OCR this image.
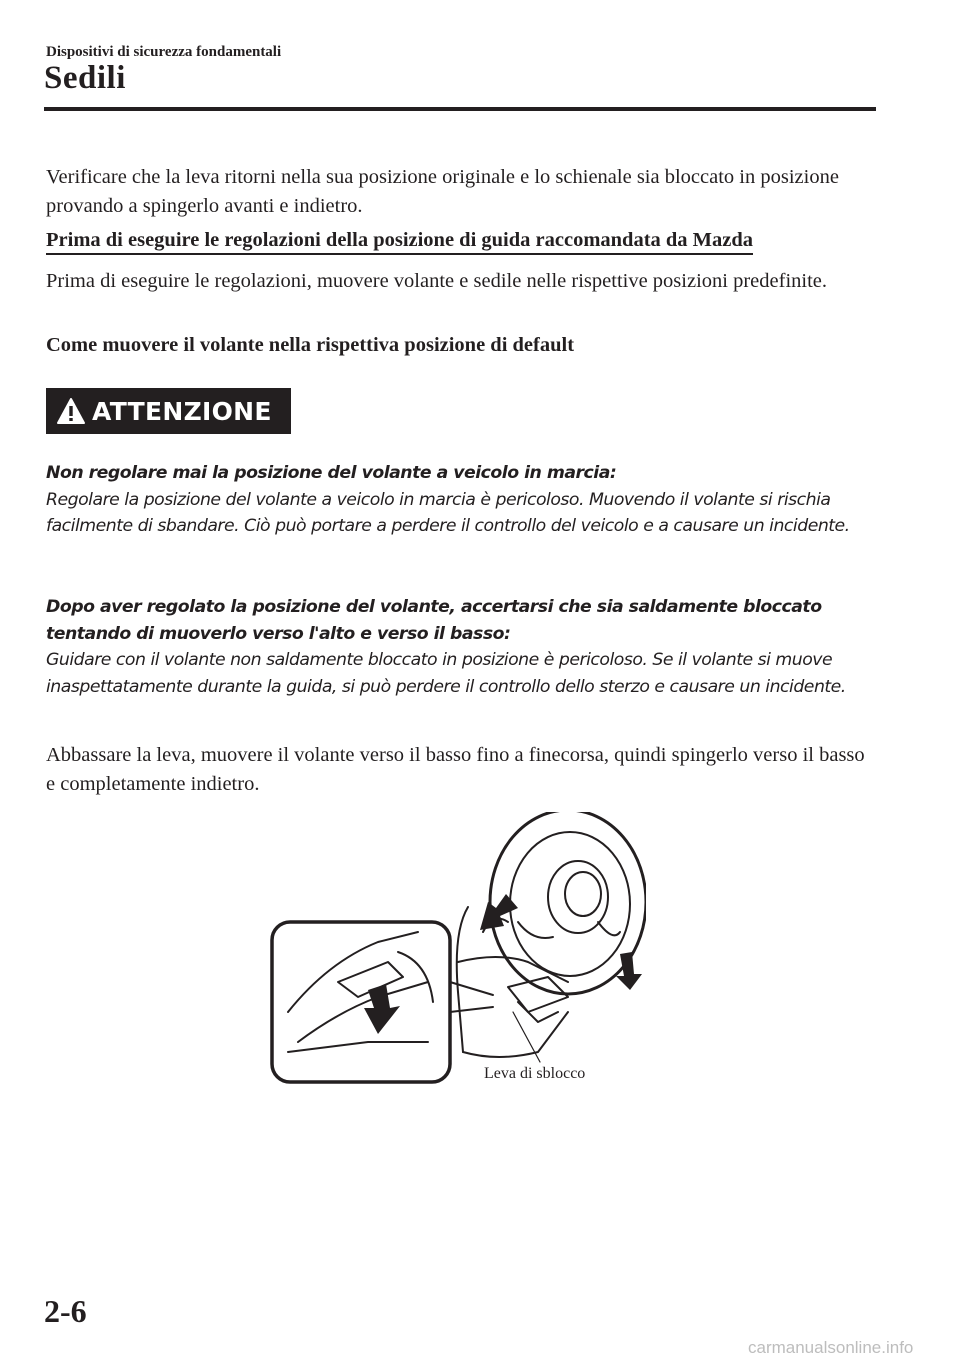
Dispositivi di sicurezza fondamentali
Sedili
Verificare che la leva ritorni nella sua posizione originale e lo schienale sia bloccato in posizione provando a spingerlo avanti e indietro.
Prima di eseguire le regolazioni della posizione di guida raccomandata da Mazda
Prima di eseguire le regolazioni, muovere volante e sedile nelle rispettive posizioni predefinite.
Come muovere il volante nella rispettiva posizione di default
ATTENZIONE
Non regolare mai la posizione del volante a veicolo in marcia:
Regolare la posizione del volante a veicolo in marcia è pericoloso. Muovendo il volante si rischia facilmente di sbandare. Ciò può portare a perdere il controllo del veicolo e a causare un incidente.
Dopo aver regolato la posizione del volante, accertarsi che sia saldamente bloccato tentando di muoverlo verso l'alto e verso il basso:
Guidare con il volante non saldamente bloccato in posizione è pericoloso. Se il volante si muove inaspettatamente durante la guida, si può perdere il controllo dello sterzo e causare un incidente.
Abbassare la leva, muovere il volante verso il basso fino a finecorsa, quindi spingerlo verso il basso e completamente indietro.
Leva di sblocco
2-6
carmanualsonline.info
